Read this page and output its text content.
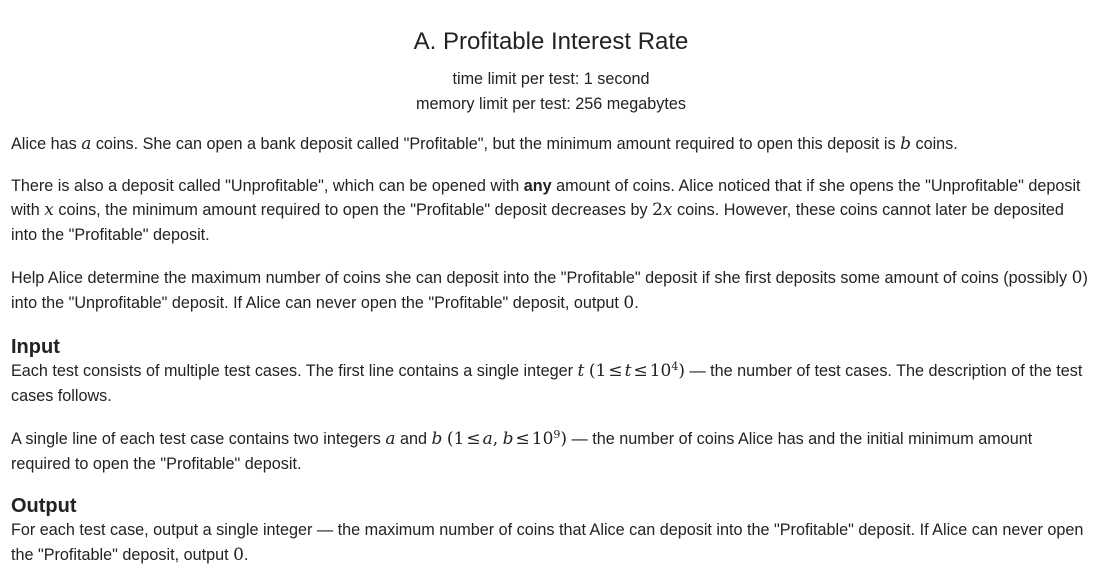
A. Profitable Interest Rate
time limit per test: 1 second
memory limit per test: 256 megabytes

Alice has a coins. She can open a bank deposit called "Profitable", but the minimum amount required to open this deposit is b coins.

There is also a deposit called "Unprofitable", which can be opened with any amount of coins. Alice noticed that if she opens the "Unprofitable" deposit with x coins, the minimum amount required to open the "Profitable" deposit decreases by 2x coins. However, these coins cannot later be deposited into the "Profitable" deposit.

Help Alice determine the maximum number of coins she can deposit into the "Profitable" deposit if she first deposits some amount of coins (possibly 0) into the "Unprofitable" deposit. If Alice can never open the "Profitable" deposit, output 0.

Input

Each test consists of multiple test cases. The first line contains a single integer t $(1 \le t \le 10^4)$ — the number of test cases. The description of the test cases follows.

A single line of each test case contains two integers a and b (1 ≤ a, $b \le 10^9$) — the number of coins Alice has and the initial minimum amount required to open the "Profitable" deposit.

Output

For each test case, output a single integer — the maximum number of coins that Alice can deposit into the "Profitable" deposit. If Alice can never open the "Profitable" deposit, output 0.
